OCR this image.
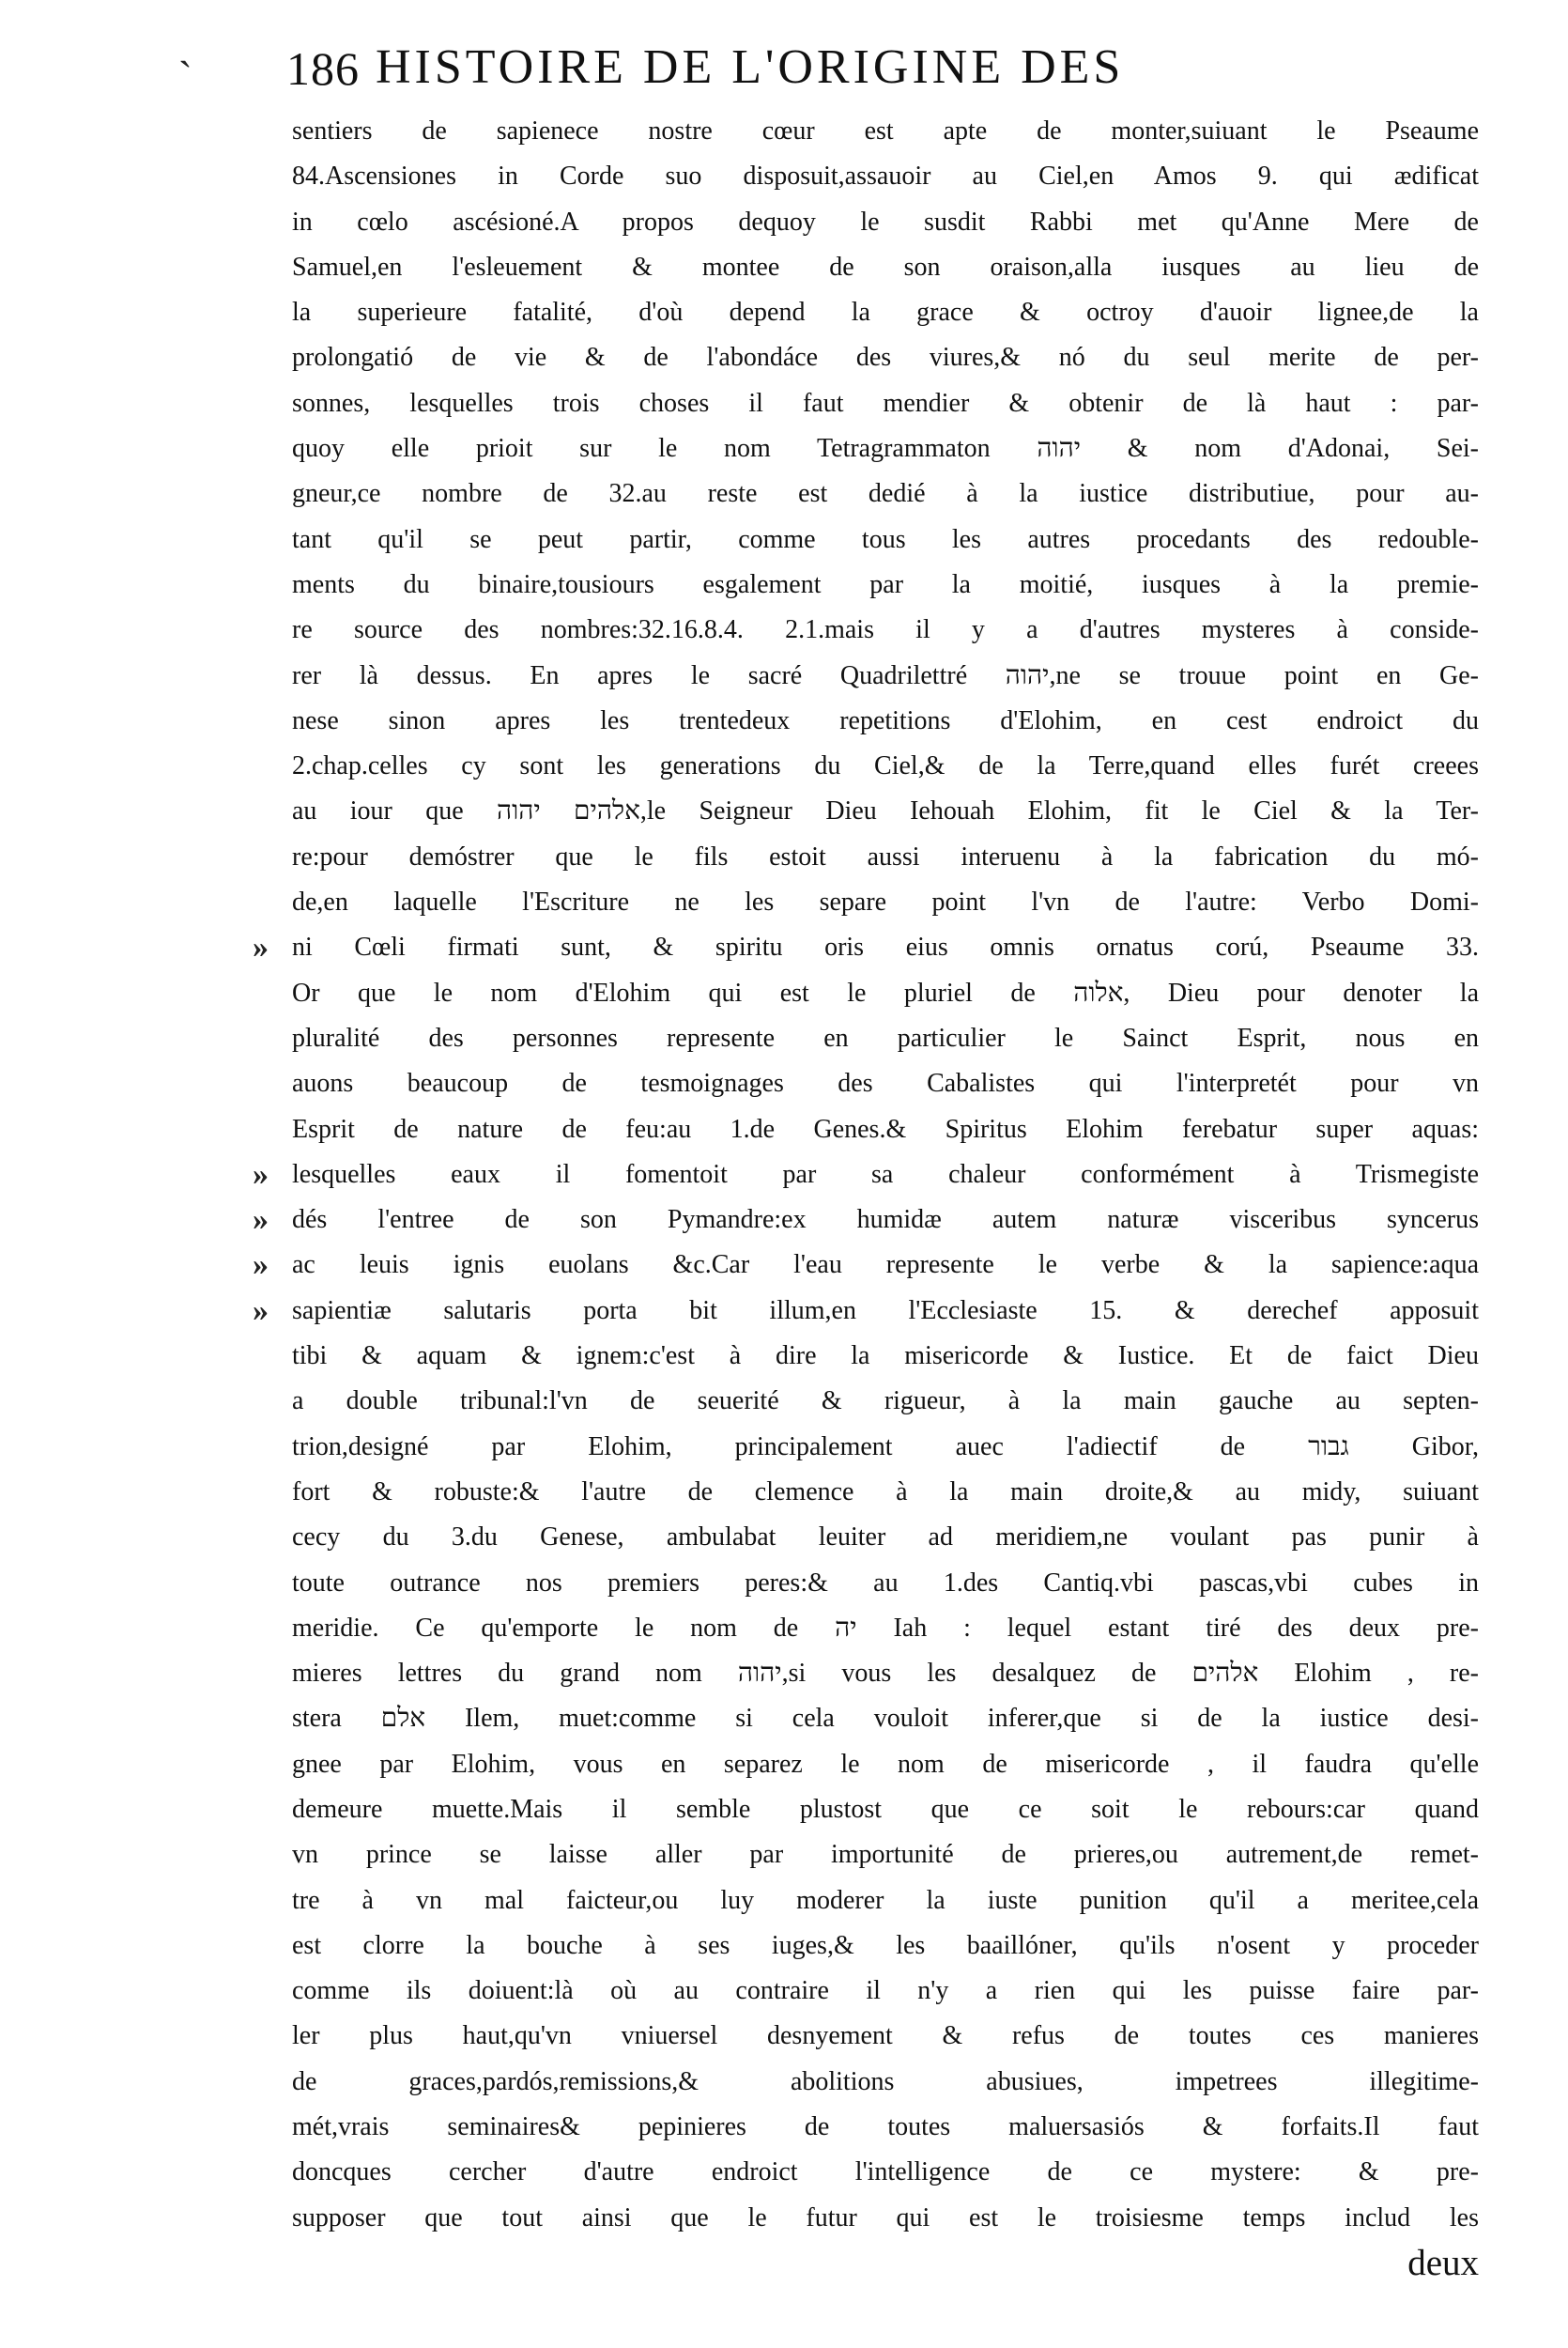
`	186 HISTOIRE DE L'ORIGINE DES
sentiers de sapienece nostre cœur est apte de monter,suiuant le Pseaume
84.Ascensiones in Corde suo disposuit,assauoir au Ciel,en Amos 9. qui ædificat
in cœlo ascésioné.A propos dequoy le susdit Rabbi met qu'Anne Mere de
Samuel,en l'esleuement & montee de son oraison,alla iusques au lieu de
la superieure fatalité, d'où depend la grace & octroy d'auoir lignee,de la
prolongatió de vie & de l'abondáce des viures,& nó du seul merite de per-
sonnes, lesquelles trois choses il faut mendier & obtenir de là haut : par-
quoy elle prioit sur le nom Tetragrammaton יהוה & nom d'Adonai, Sei-
gneur,ce nombre de 32.au reste est dedié à la iustice distributiue, pour au-
tant qu'il se peut partir, comme tous les autres procedants des redouble-
ments du binaire,tousiours esgalement par la moitié, iusques à la premie-
re source des nombres:32.16.8.4. 2.1.mais il y a d'autres mysteres à conside-
rer là dessus. En apres le sacré Quadrilettré יהוה,ne se trouue point en Ge-
nese sinon apres les trentedeux repetitions d'Elohim, en cest endroict du
2.chap.celles cy sont les generations du Ciel,& de la Terre,quand elles furét creees
au iour que אלהים יהוה,le Seigneur Dieu Iehouah Elohim, fit le Ciel & la Ter-
re:pour demóstrer que le fils estoit aussi interuenu à la fabrication du mó-
de,en laquelle l'Escriture ne les separe point l'vn de l'autre: Verbo Domi-
» ni Cœli firmati sunt, & spiritu oris eius omnis ornatus corú, Pseaume 33.
Or que le nom d'Elohim qui est le pluriel de אלוה, Dieu pour denoter la
pluralité des personnes represente en particulier le Sainct Esprit, nous en
auons beaucoup de tesmoignages des Cabalistes qui l'interpretét pour vn
Esprit de nature de feu:au 1.de Genes.& Spiritus Elohim ferebatur super aquas:
» lesquelles eaux il fomentoit par sa chaleur conformément à Trismegiste
» dés l'entree de son Pymandre:ex humidæ autem naturæ visceribus syncerus
» ac leuis ignis euolans &c.Car l'eau represente le verbe & la sapience:aqua
» sapientiæ salutaris porta bit illum,en l'Ecclesiaste 15. & derechef apposuit
tibi & aquam & ignem:c'est à dire la misericorde & Iustice. Et de faict Dieu
a double tribunal:l'vn de seuerité & rigueur, à la main gauche au septen-
trion,designé par Elohim, principalement auec l'adiectif de גבור Gibor,
fort & robuste:& l'autre de clemence à la main droite,& au midy, suiuant
cecy du 3.du Genese, ambulabat leuiter ad meridiem,ne voulant pas punir à
toute outrance nos premiers peres:& au 1.des Cantiq.vbi pascas,vbi cubes in
meridie. Ce qu'emporte le nom de יה Iah : lequel estant tiré des deux pre-
mieres lettres du grand nom יהוה,si vous les desalquez de אלהים Elohim , re-
stera אלם Ilem, muet:comme si cela vouloit inferer,que si de la iustice desi-
gnee par Elohim, vous en separez le nom de misericorde , il faudra qu'elle
demeure muette.Mais il semble plustost que ce soit le rebours:car quand
vn prince se laisse aller par importunité de prieres,ou autrement,de remet-
tre à vn mal faicteur,ou luy moderer la iuste punition qu'il a meritee,cela
est clorre la bouche à ses iuges,& les baaillóner, qu'ils n'osent y proceder
comme ils doiuent:là où au contraire il n'y a rien qui les puisse faire par-
ler plus haut,qu'vn vniuersel desnyement & refus de toutes ces manieres
de graces,pardós,remissions,& abolitions abusiues, impetrees illegitime-
mét,vrais seminaires& pepinieres de toutes maluersasiós & forfaits.Il faut
doncques cercher d'autre endroict l'intelligence de ce mystere: & pre-
supposer que tout ainsi que le futur qui est le troisiesme temps includ les
deux
